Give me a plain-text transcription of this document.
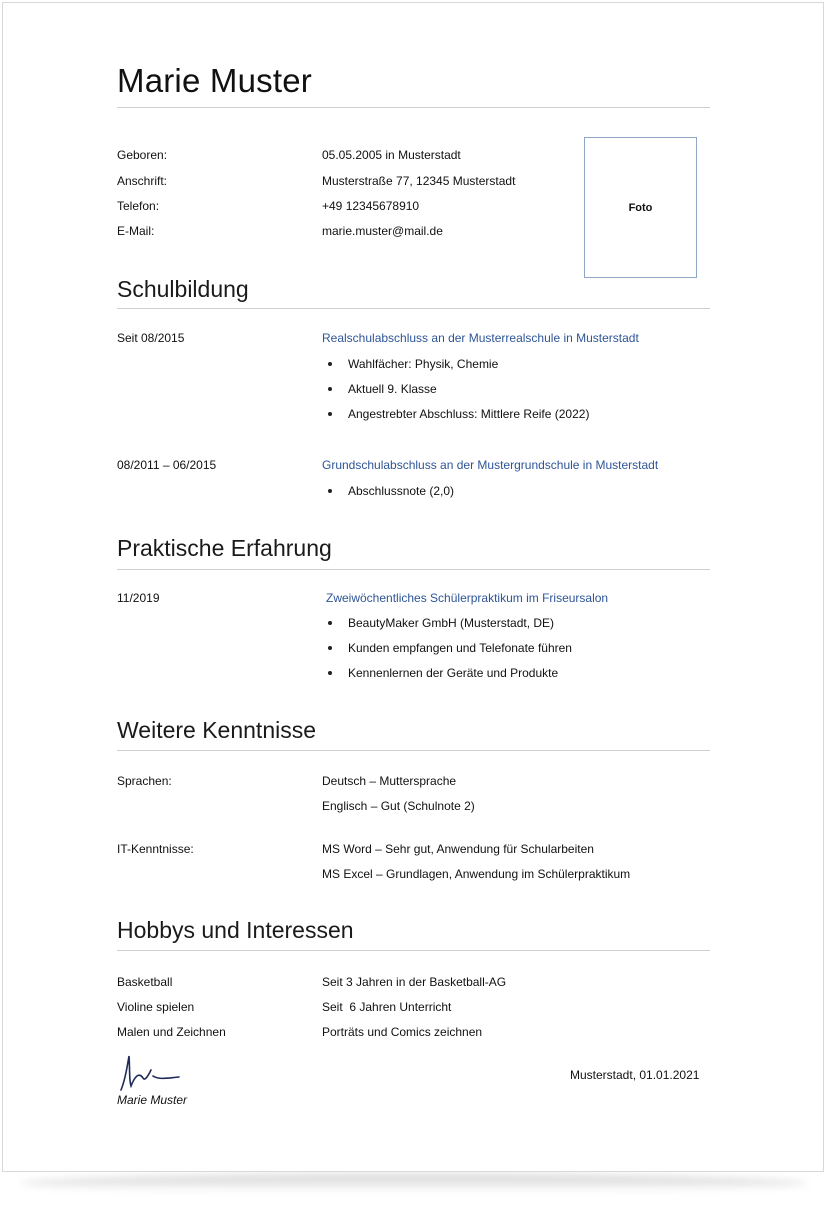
Marie Muster
Geboren:	05.05.2005 in Musterstadt
Anschrift:	Musterstraße 77, 12345 Musterstadt
Telefon:	+49 12345678910
E-Mail:	marie.muster@mail.de
Foto
Schulbildung
Seit 08/2015	Realschulabschluss an der Musterrealschule in Musterstadt
Wahlfächer: Physik, Chemie
Aktuell 9. Klasse
Angestrebter Abschluss: Mittlere Reife (2022)
08/2011 – 06/2015	Grundschulabschluss an der Mustergrundschule in Musterstadt
Abschlussnote (2,0)
Praktische Erfahrung
11/2019	Zweiwöchentliches Schülerpraktikum im Friseursalon
BeautyMaker GmbH (Musterstadt, DE)
Kunden empfangen und Telefonate führen
Kennenlernen der Geräte und Produkte
Weitere Kenntnisse
Sprachen:	Deutsch – Muttersprache
Englisch – Gut (Schulnote 2)
IT-Kenntnisse:	MS Word – Sehr gut, Anwendung für Schularbeiten
MS Excel – Grundlagen, Anwendung im Schülerpraktikum
Hobbys und Interessen
Basketball	Seit 3 Jahren in der Basketball-AG
Violine spielen	Seit  6 Jahren Unterricht
Malen und Zeichnen	Porträts und Comics zeichnen
Marie Muster
Musterstadt, 01.01.2021
